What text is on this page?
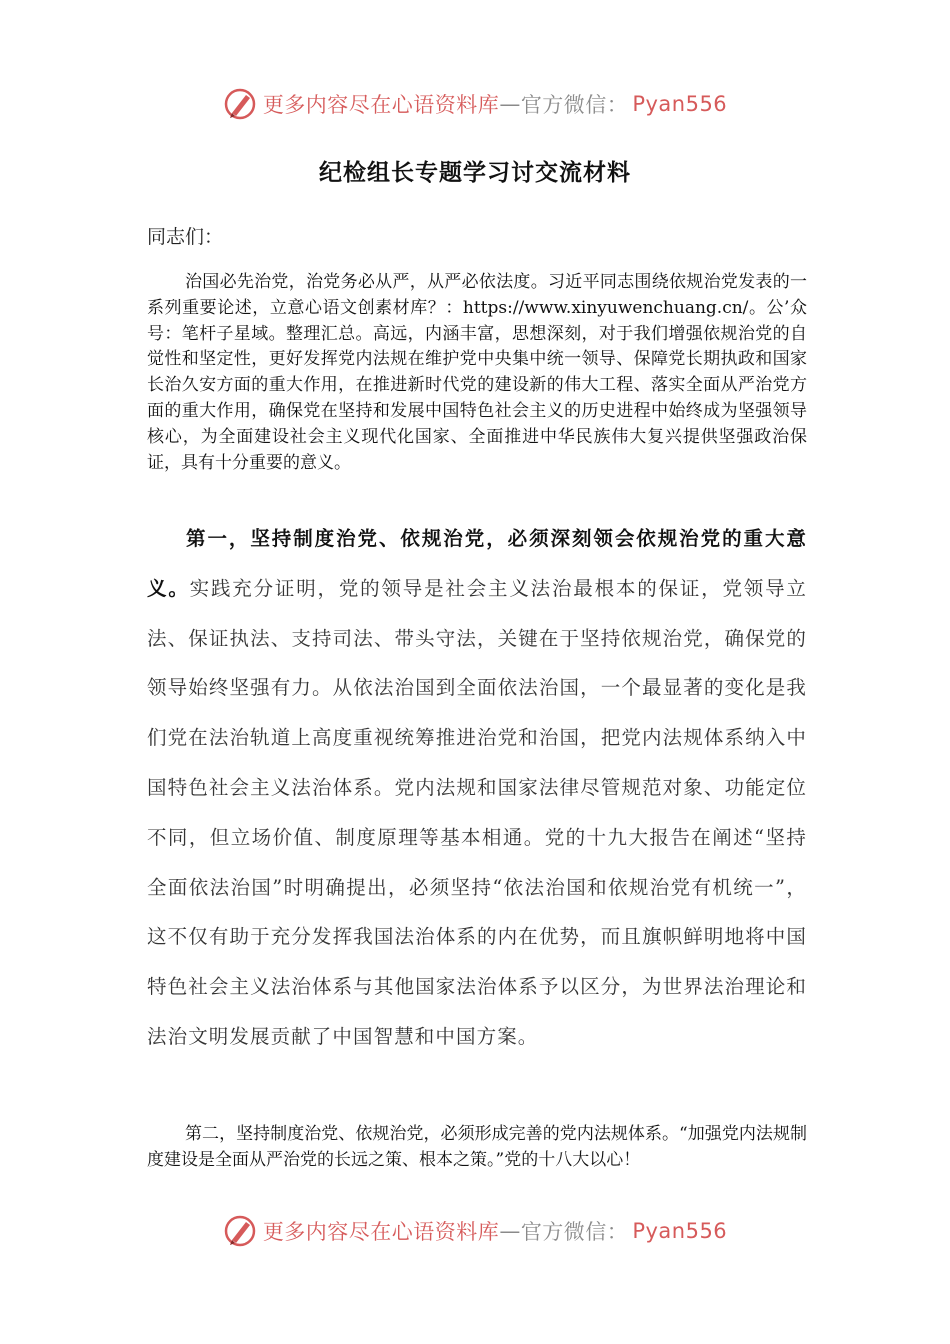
更多内容尽在心语资料库 — 官方微信： Pyan556
纪检组长专题学习讨交流材料
同志们：
治国必先治党，治党务必从严，从严必依法度。习近平同志围绕依规治党发表的一系列重要论述，立意心语文创素材库？：https://www.xinyuwenchuang.cn/。公’众号：笔杆子星域。整理汇总。高远，内涵丰富，思想深刻，对于我们增强依规治党的自觉性和坚定性，更好发挥党内法规在维护党中央集中统一领导、保障党长期执政和国家长治久安方面的重大作用，在推进新时代党的建设新的伟大工程、落实全面从严治党方面的重大作用，确保党在坚持和发展中国特色社会主义的历史进程中始终成为坚强领导核心，为全面建设社会主义现代化国家、全面推进中华民族伟大复兴提供坚强政治保证，具有十分重要的意义。
第一，坚持制度治党、依规治党，必须深刻领会依规治党的重大意义。实践充分证明，党的领导是社会主义法治最根本的保证，党领导立法、保证执法、支持司法、带头守法，关键在于坚持依规治党，确保党的领导始终坚强有力。从依法治国到全面依法治国，一个最显著的变化是我们党在法治轨道上高度重视统筹推进治党和治国，把党内法规体系纳入中国特色社会主义法治体系。党内法规和国家法律尽管规范对象、功能定位不同，但立场价值、制度原理等基本相通。党的十九大报告在阐述“坚持全面依法治国”时明确提出，必须坚持“依法治国和依规治党有机统一”，这不仅有助于充分发挥我国法治体系的内在优势，而且旗帜鲜明地将中国特色社会主义法治体系与其他国家法治体系予以区分，为世界法治理论和法治文明发展贡献了中国智慧和中国方案。
第二，坚持制度治党、依规治党，必须形成完善的党内法规体系。“加强党内法规制度建设是全面从严治党的长远之策、根本之策。”党的十八大以心！
更多内容尽在心语资料库 — 官方微信： Pyan556
